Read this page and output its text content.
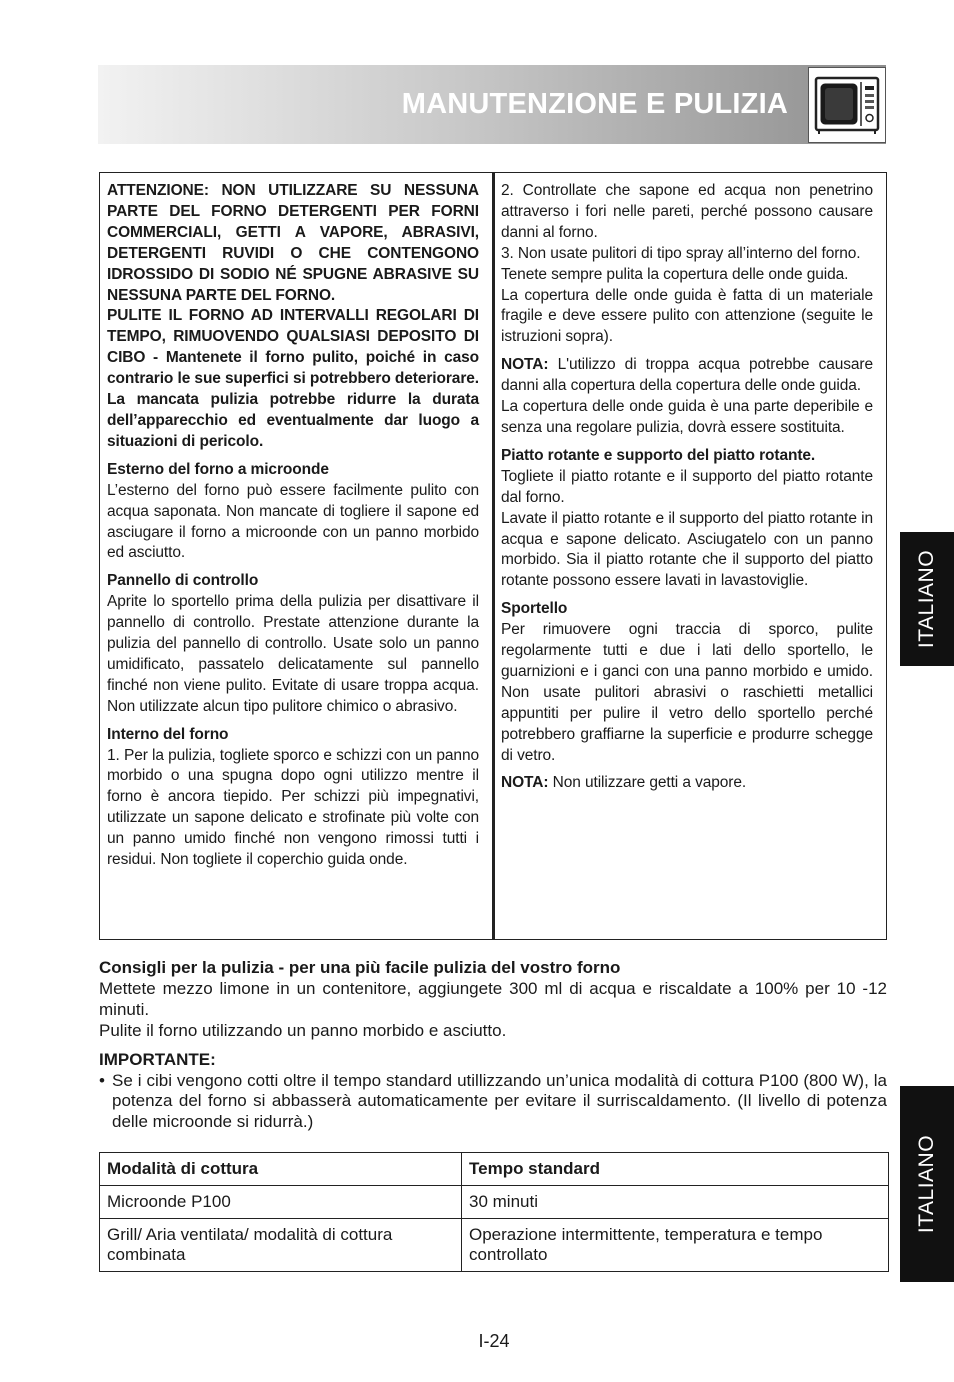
MANUTENZIONE E PULIZIA
ITALIANO
ITALIANO

ATTENZIONE: NON UTILIZZARE SU NESSUNA PARTE DEL FORNO DETERGENTI PER FORNI COMMERCIALI, GETTI A VAPORE, ABRASIVI, DETERGENTI RUVIDI O CHE CONTENGONO IDROSSIDO DI SODIO NÉ SPUGNE ABRASIVE SU NESSUNA PARTE DEL FORNO.

PULITE IL FORNO AD INTERVALLI REGOLARI DI TEMPO, RIMUOVENDO QUALSIASI DEPOSITO DI CIBO - Mantenete il forno pulito, poiché in caso contrario le sue superfici si potrebbero deteriorare. La mancata pulizia potrebbe ridurre la durata dell’apparecchio ed eventualmente dar luogo a situazioni di pericolo.

Esterno del forno a microonde

L’esterno del forno può essere facilmente pulito con acqua saponata. Non mancate di togliere il sapone ed asciugare il forno a microonde con un panno morbido ed asciutto.

Pannello di controllo

Aprite lo sportello prima della pulizia per disattivare il pannello di controllo. Prestate attenzione durante la pulizia del pannello di controllo. Usate solo un panno umidificato, passatelo delicatamente sul pannello finché non viene pulito. Evitate di usare troppa acqua. Non utilizzate alcun tipo pulitore chimico o abrasivo.

Interno del forno

1. Per la pulizia, togliete sporco e schizzi con un panno morbido o una spugna dopo ogni utilizzo mentre il forno è ancora tiepido. Per schizzi più impegnativi, utilizzate un sapone delicato e strofinate più volte con un panno umido finché non vengono rimossi tutti i residui. Non togliete il coperchio guida onde.

2. Controllate che sapone ed acqua non penetrino attraverso i fori nelle pareti, perché possono causare danni al forno.

3. Non usate pulitori di tipo spray all’interno del forno.

Tenete sempre pulita la copertura delle onde guida.

La copertura delle onde guida è fatta di un materiale fragile e deve essere pulito con attenzione (seguite le istruzioni sopra).

NOTA: L'utilizzo di troppa acqua potrebbe causare danni alla copertura della copertura delle onde guida.

La copertura delle onde guida è una parte deperibile e senza una regolare pulizia, dovrà essere sostituita.

Piatto rotante e supporto del piatto rotante.

Togliete il piatto rotante e il supporto del piatto rotante dal forno.

Lavate il piatto rotante e il supporto del piatto rotante in acqua e sapone delicato. Asciugatelo con un panno morbido. Sia il piatto rotante che il supporto del piatto rotante possono essere lavati in lavastoviglie.

Sportello

Per rimuovere ogni traccia di sporco, pulite regolarmente tutti e due i lati dello sportello, le guarnizioni e i ganci con una panno morbido e umido. Non usate pulitori abrasivi o raschietti metallici appuntiti per pulire il vetro dello sportello perché potrebbero graffiarne la superficie e produrre schegge di vetro.

NOTA: Non utilizzare getti a vapore.

Consigli per la pulizia - per una più facile pulizia del vostro forno

Mettete mezzo limone in un contenitore, aggiungete 300 ml di acqua e riscaldate a 100% per 10 -12 minuti.

Pulite il forno utilizzando un panno morbido e asciutto.

IMPORTANTE:

• Se i cibi vengono cotti oltre il tempo standard utillizzando un’unica modalità di cottura P100 (800 W), la potenza del forno si abbasserà automaticamente per evitare il surriscaldamento. (Il livello di potenza delle microonde si ridurrà.)
Modalità di cottura	Tempo standard
Microonde P100	30 minuti
Grill/ Aria ventilata/ modalità di cottura combinata	Operazione intermittente, temperatura e tempo controllato
I-24
